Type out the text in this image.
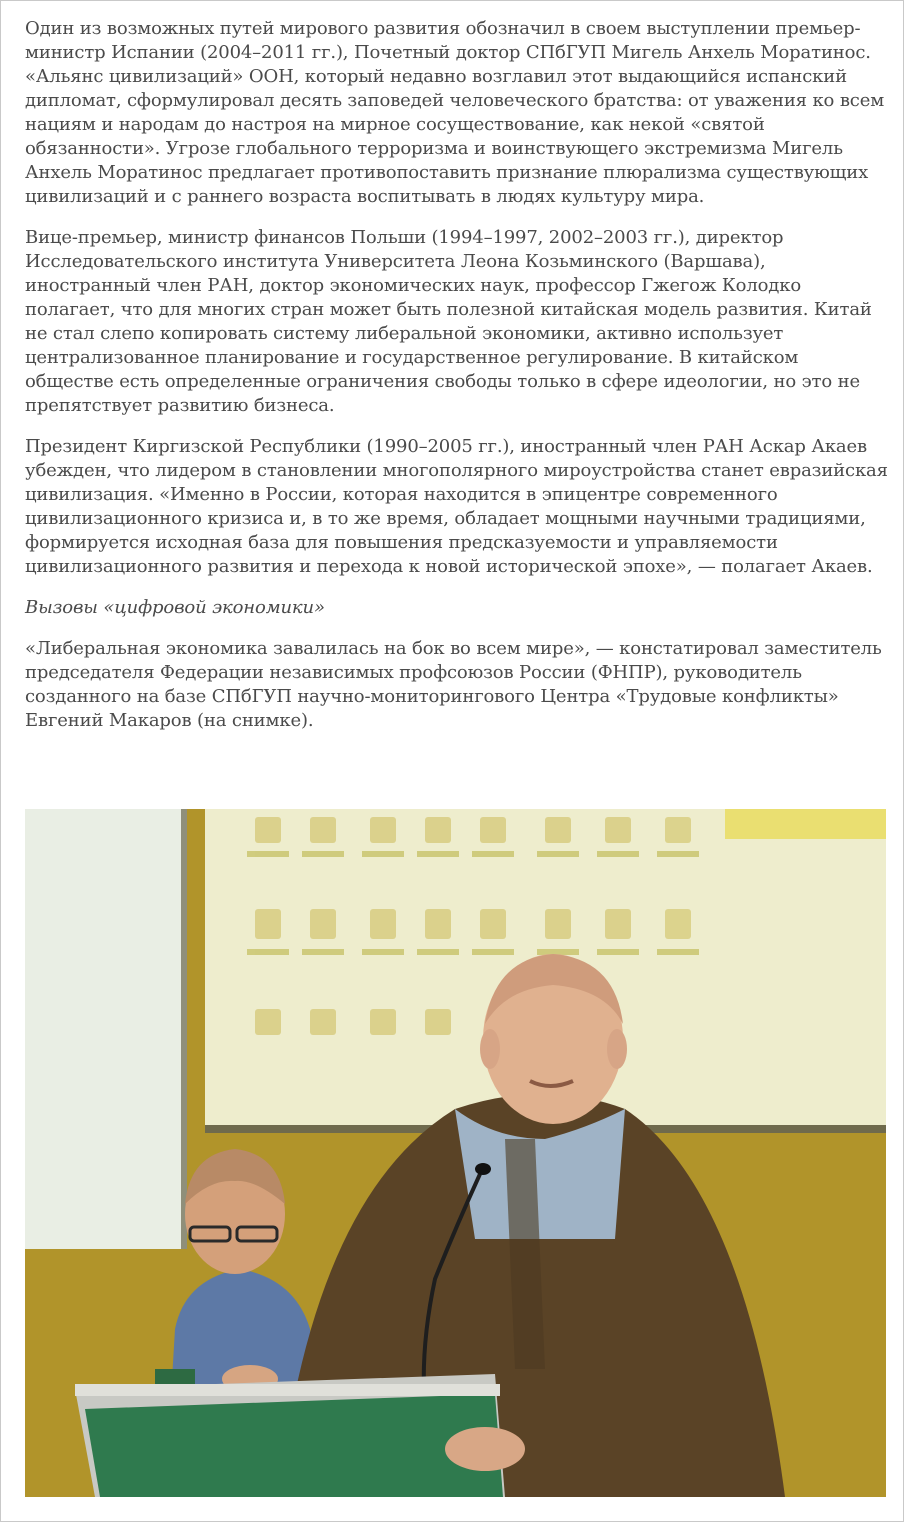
Один из возможных путей мирового развития обозначил в своем выступлении премьер-министр Испании (2004–2011 гг.), Почетный доктор СПбГУП Мигель Анхель Моратинос. «Альянс цивилизаций» ООН, который недавно возглавил этот выдающийся испанский дипломат, сформулировал десять заповедей человеческого братства: от уважения ко всем нациям и народам до настроя на мирное сосуществование, как некой «святой обязанности». Угрозе глобального терроризма и воинствующего экстремизма Мигель Анхель Моратинос предлагает противопоставить признание плюрализма существующих цивилизаций и с раннего возраста воспитывать в людях культуру мира.

Вице-премьер, министр финансов Польши (1994–1997, 2002–2003 гг.), директор Исследовательского института Университета Леона Козьминского (Варшава), иностранный член РАН, доктор экономических наук, профессор Гжегож Колодко полагает, что для многих стран может быть полезной китайская модель развития. Китай не стал слепо копировать систему либеральной экономики, активно использует централизованное планирование и государственное регулирование. В китайском обществе есть определенные ограничения свободы только в сфере идеологии, но это не препятствует развитию бизнеса.

Президент Киргизской Республики (1990–2005 гг.), иностранный член РАН Аскар Акаев убежден, что лидером в становлении многополярного мироустройства станет евразийская цивилизация. «Именно в России, которая находится в эпицентре современного цивилизационного кризиса и, в то же время, обладает мощными научными традициями, формируется исходная база для повышения предсказуемости и управляемости цивилизационного развития и перехода к новой исторической эпохе», — полагает Акаев.

Вызовы «цифровой экономики»

«Либеральная экономика завалилась на бок во всем мире», — констатировал заместитель председателя Федерации независимых профсоюзов России (ФНПР), руководитель созданного на базе СПбГУП научно-мониторингового Центра «Трудовые конфликты» Евгений Макаров (на снимке).
